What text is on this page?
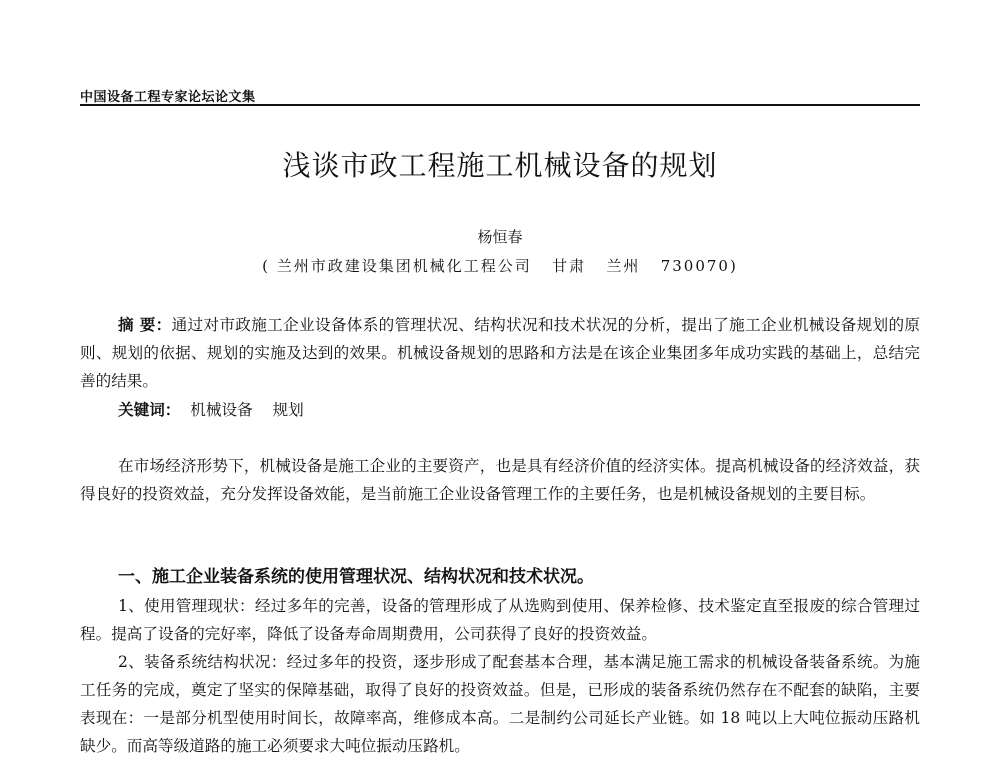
中国设备工程专家论坛论文集
浅谈市政工程施工机械设备的规划
杨恒春
( 兰州市政建设集团机械化工程公司   甘肃   兰州   730070)
摘 要：通过对市政施工企业设备体系的管理状况、结构状况和技术状况的分析，提出了施工企业机械设备规划的原则、规划的依据、规划的实施及达到的效果。机械设备规划的思路和方法是在该企业集团多年成功实践的基础上，总结完善的结果。
关键词：  机械设备    规划
在市场经济形势下，机械设备是施工企业的主要资产，也是具有经济价值的经济实体。提高机械设备的经济效益，获得良好的投资效益，充分发挥设备效能，是当前施工企业设备管理工作的主要任务，也是机械设备规划的主要目标。
一、施工企业装备系统的使用管理状况、结构状况和技术状况。
1、使用管理现状：经过多年的完善，设备的管理形成了从选购到使用、保养检修、技术鉴定直至报废的综合管理过程。提高了设备的完好率，降低了设备寿命周期费用，公司获得了良好的投资效益。
2、装备系统结构状况：经过多年的投资，逐步形成了配套基本合理，基本满足施工需求的机械设备装备系统。为施工任务的完成，奠定了坚实的保障基础，取得了良好的投资效益。但是，已形成的装备系统仍然存在不配套的缺陷，主要表现在：一是部分机型使用时间长，故障率高，维修成本高。二是制约公司延长产业链。如 18 吨以上大吨位振动压路机缺少。而高等级道路的施工必须要求大吨位振动压路机。
